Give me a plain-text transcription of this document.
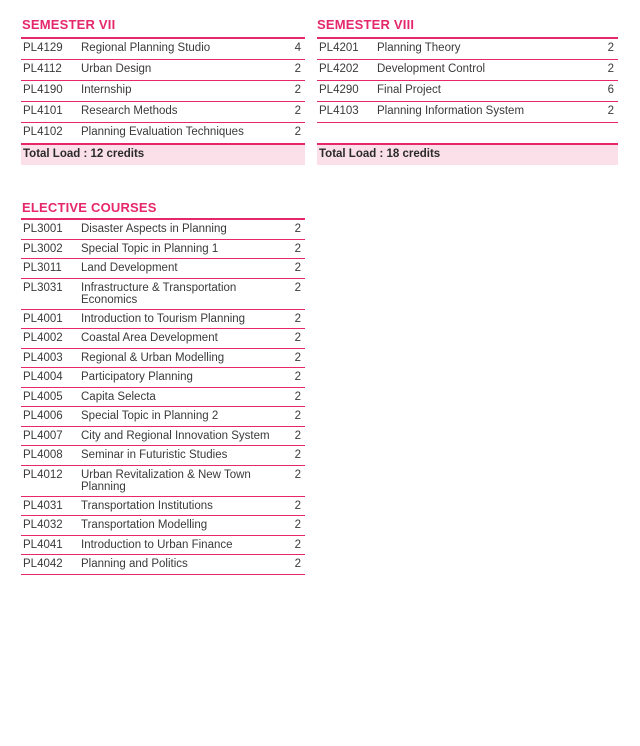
SEMESTER VII
PL4129	Regional Planning Studio	4
PL4112	Urban Design	2
PL4190	Internship	2
PL4101	Research Methods	2
PL4102	Planning Evaluation Techniques	2
Total Load : 12 credits		
SEMESTER VIII
PL4201	Planning Theory	2
PL4202	Development Control	2
PL4290	Final Project	6
PL4103	Planning Information System	2

Total Load : 18 credits		
ELECTIVE COURSES
PL3001	Disaster Aspects in Planning	2
PL3002	Special Topic in Planning 1	2
PL3011	Land Development	2
PL3031	Infrastructure & Transportation Economics	2
PL4001	Introduction to Tourism Planning	2
PL4002	Coastal Area Development	2
PL4003	Regional & Urban Modelling	2
PL4004	Participatory Planning	2
PL4005	Capita Selecta	2
PL4006	Special Topic in Planning 2	2
PL4007	City and Regional Innovation System	2
PL4008	Seminar in Futuristic Studies	2
PL4012	Urban Revitalization & New Town Planning	2
PL4031	Transportation Institutions	2
PL4032	Transportation Modelling	2
PL4041	Introduction to Urban Finance	2
PL4042	Planning and Politics	2
